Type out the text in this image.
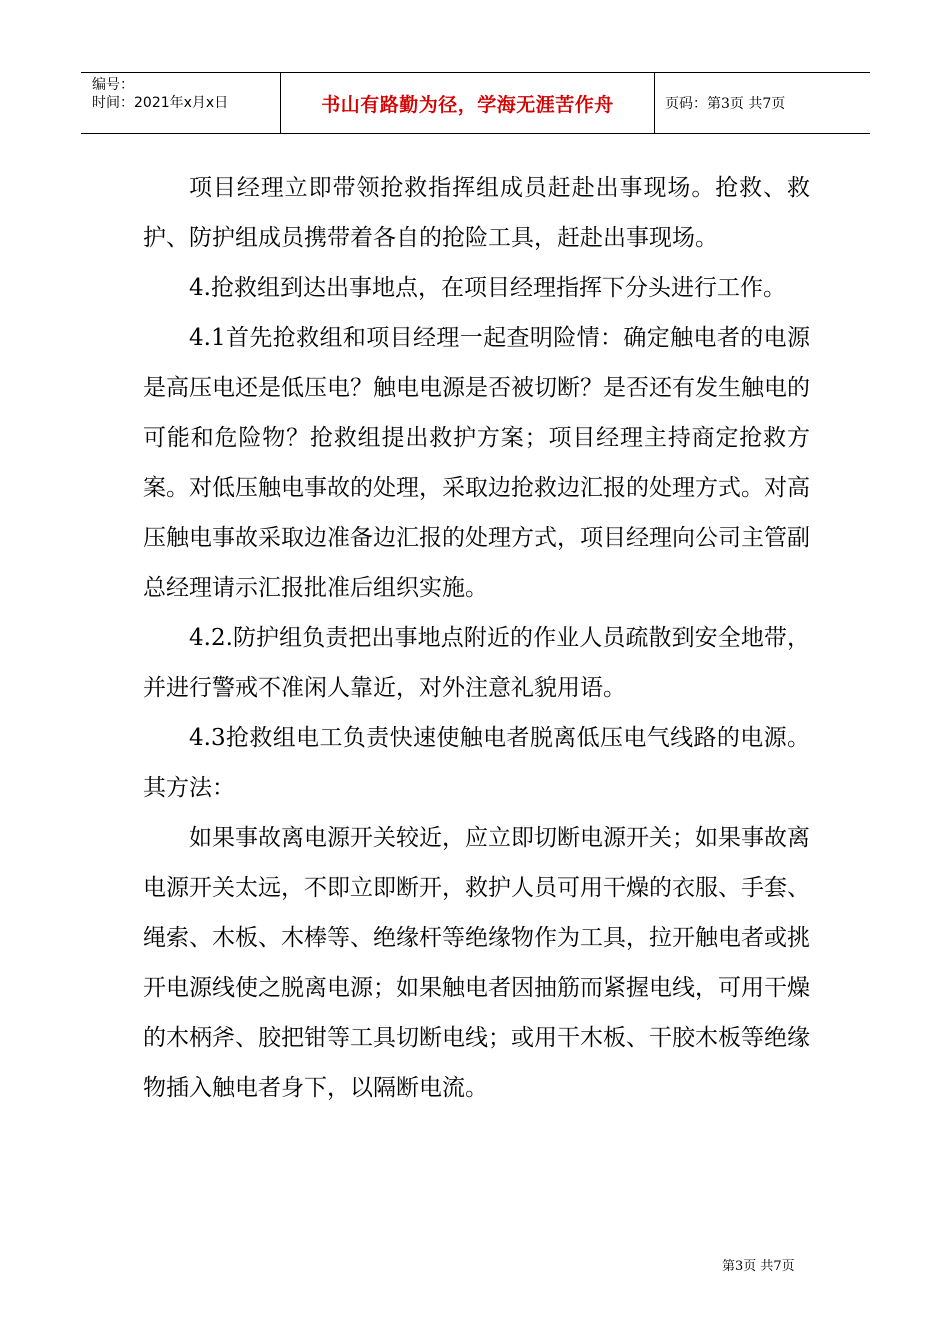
编号：
时间：2021年x月x日	书山有路勤为径，学海无涯苦作舟	页码：第3页 共7页

项目经理立即带领抢救指挥组成员赶赴出事现场。抢救、救护、防护组成员携带着各自的抢险工具，赶赴出事现场。

4.抢救组到达出事地点，在项目经理指挥下分头进行工作。

4.1首先抢救组和项目经理一起查明险情：确定触电者的电源是高压电还是低压电？触电电源是否被切断？是否还有发生触电的可能和危险物？抢救组提出救护方案；项目经理主持商定抢救方案。对低压触电事故的处理，采取边抢救边汇报的处理方式。对高压触电事故采取边准备边汇报的处理方式，项目经理向公司主管副总经理请示汇报批准后组织实施。

4.2.防护组负责把出事地点附近的作业人员疏散到安全地带，并进行警戒不准闲人靠近，对外注意礼貌用语。

4.3抢救组电工负责快速使触电者脱离低压电气线路的电源。其方法：

如果事故离电源开关较近，应立即切断电源开关；如果事故离电源开关太远，不即立即断开，救护人员可用干燥的衣服、手套、绳索、木板、木棒等、绝缘杆等绝缘物作为工具，拉开触电者或挑开电源线使之脱离电源；如果触电者因抽筋而紧握电线，可用干燥的木柄斧、胶把钳等工具切断电线；或用干木板、干胶木板等绝缘物插入触电者身下，以隔断电流。

第3页 共7页
